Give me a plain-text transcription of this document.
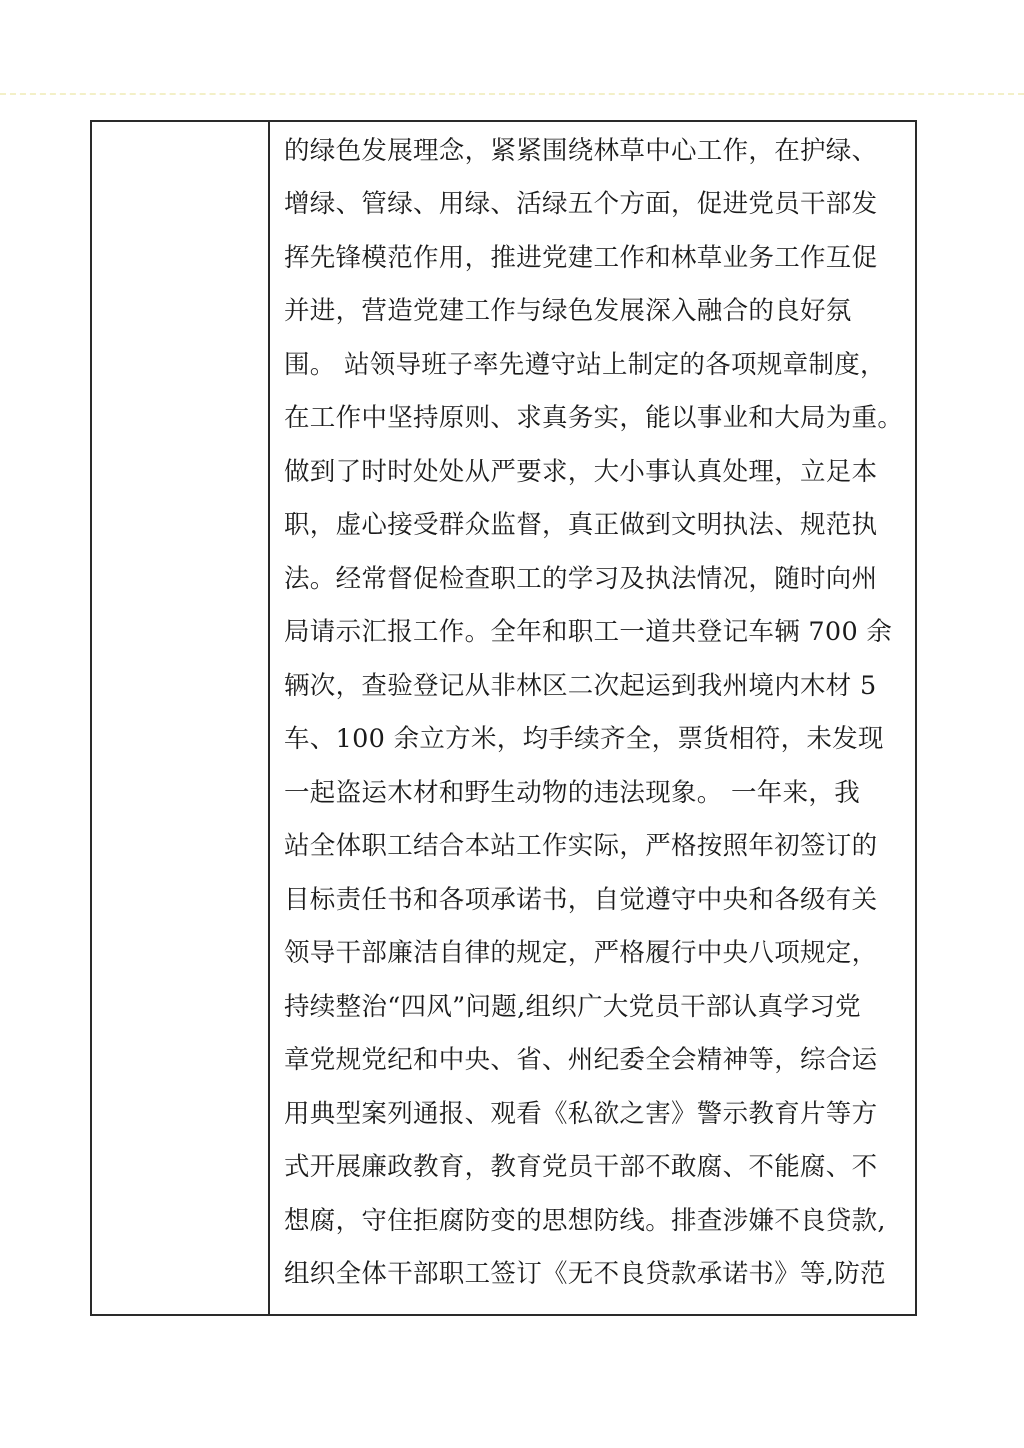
的绿色发展理念，紧紧围绕林草中心工作，在护绿、
增绿、管绿、用绿、活绿五个方面，促进党员干部发
挥先锋模范作用，推进党建工作和林草业务工作互促
并进，营造党建工作与绿色发展深入融合的良好氛
围。 站领导班子率先遵守站上制定的各项规章制度，
在工作中坚持原则、求真务实，能以事业和大局为重。
做到了时时处处从严要求，大小事认真处理，立足本
职，虚心接受群众监督，真正做到文明执法、规范执
法。经常督促检查职工的学习及执法情况，随时向州
局请示汇报工作。全年和职工一道共登记车辆 700 余
辆次，查验登记从非林区二次起运到我州境内木材 5
车、100 余立方米，均手续齐全，票货相符，未发现
一起盗运木材和野生动物的违法现象。 一年来，我
站全体职工结合本站工作实际，严格按照年初签订的
目标责任书和各项承诺书，自觉遵守中央和各级有关
领导干部廉洁自律的规定，严格履行中央八项规定，
持续整治“四风”问题,组织广大党员干部认真学习党
章党规党纪和中央、省、州纪委全会精神等，综合运
用典型案列通报、观看《私欲之害》警示教育片等方
式开展廉政教育，教育党员干部不敢腐、不能腐、不
想腐，守住拒腐防变的思想防线。排查涉嫌不良贷款,
组织全体干部职工签订《无不良贷款承诺书》等,防范
